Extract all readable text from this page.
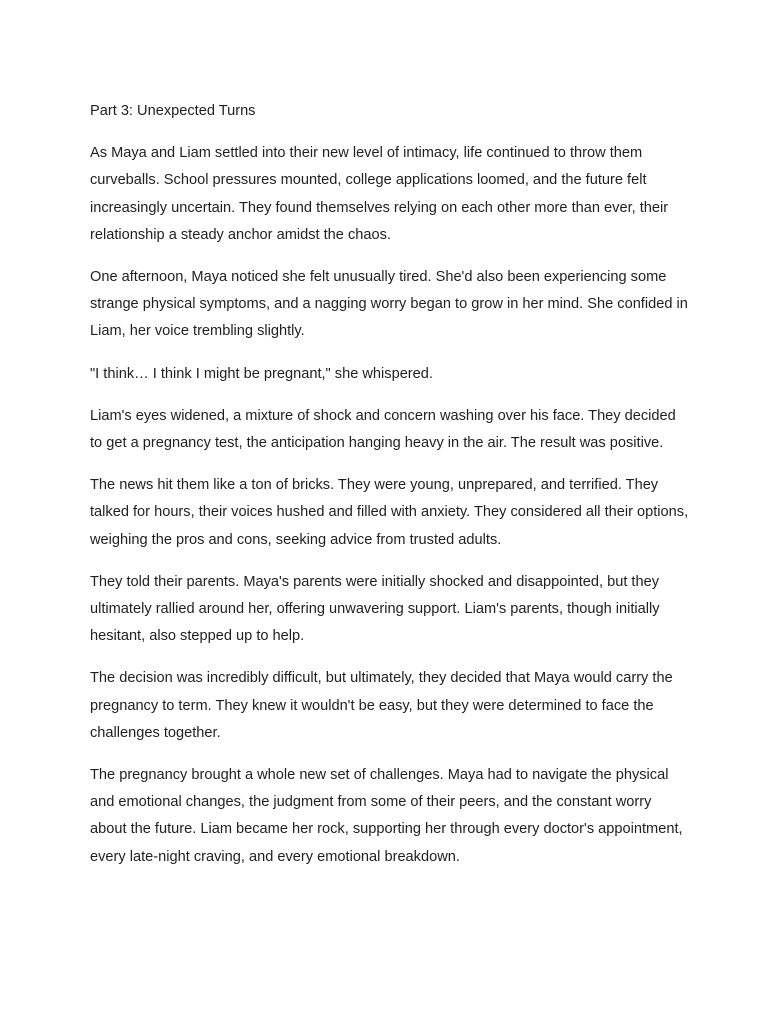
Part 3: Unexpected Turns

As Maya and Liam settled into their new level of intimacy, life continued to throw them curveballs. School pressures mounted, college applications loomed, and the future felt increasingly uncertain. They found themselves relying on each other more than ever, their relationship a steady anchor amidst the chaos.

One afternoon, Maya noticed she felt unusually tired. She'd also been experiencing some strange physical symptoms, and a nagging worry began to grow in her mind. She confided in Liam, her voice trembling slightly.

"I think… I think I might be pregnant," she whispered.

Liam's eyes widened, a mixture of shock and concern washing over his face. They decided to get a pregnancy test, the anticipation hanging heavy in the air. The result was positive.

The news hit them like a ton of bricks. They were young, unprepared, and terrified. They talked for hours, their voices hushed and filled with anxiety. They considered all their options, weighing the pros and cons, seeking advice from trusted adults.

They told their parents. Maya's parents were initially shocked and disappointed, but they ultimately rallied around her, offering unwavering support. Liam's parents, though initially hesitant, also stepped up to help.

The decision was incredibly difficult, but ultimately, they decided that Maya would carry the pregnancy to term. They knew it wouldn't be easy, but they were determined to face the challenges together.

The pregnancy brought a whole new set of challenges. Maya had to navigate the physical and emotional changes, the judgment from some of their peers, and the constant worry about the future. Liam became her rock, supporting her through every doctor's appointment, every late-night craving, and every emotional breakdown.
